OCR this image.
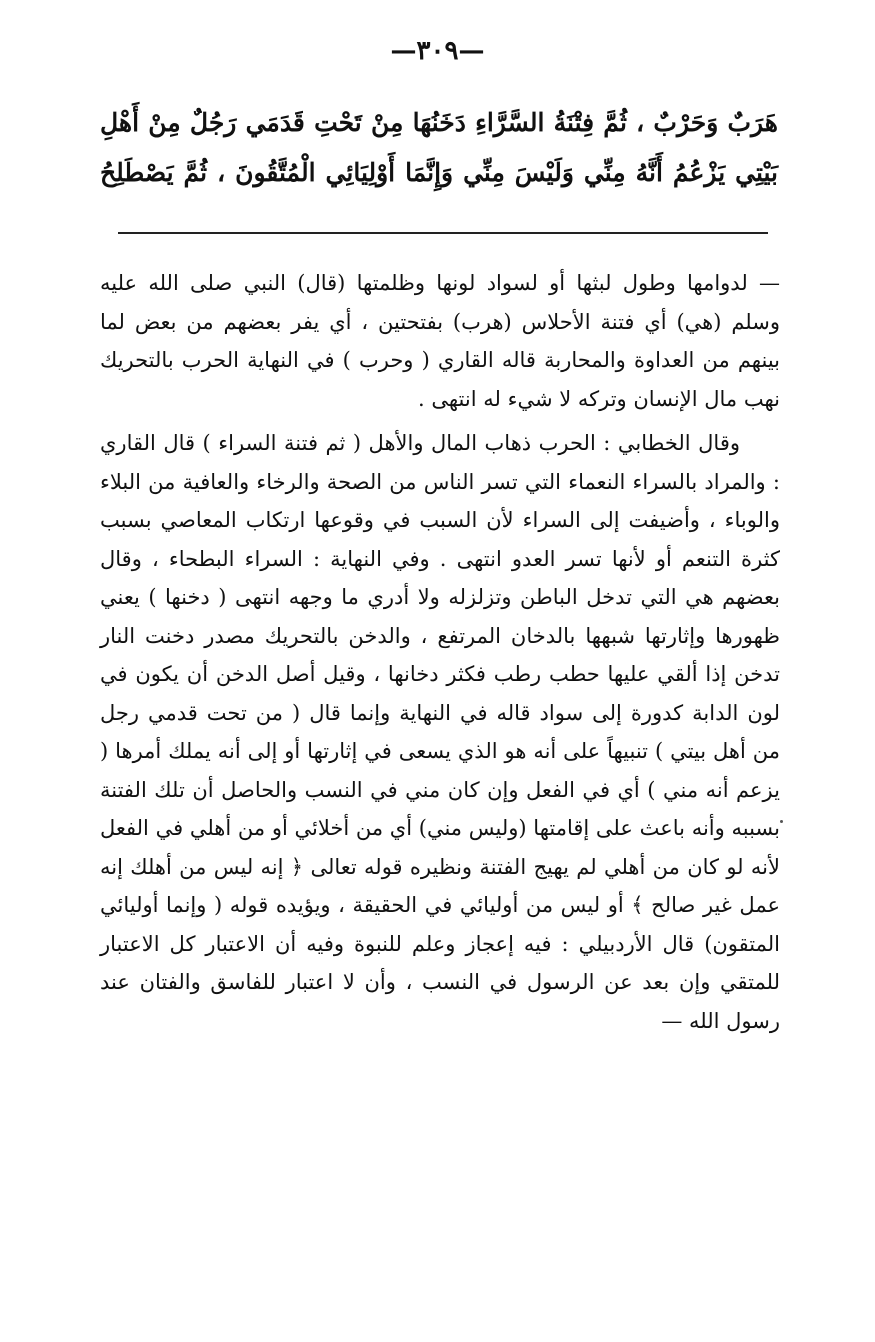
—٣٠٩—
هَرَبٌ وَحَرْبٌ ، ثُمَّ فِتْنَةُ السَّرَّاءِ دَخَنُهَا مِنْ تَحْتِ قَدَمَي رَجُلٌ مِنْ أَهْلِ بَيْتِي يَزْعُمُ أَنَّهُ مِنِّي وَلَيْسَ مِنِّي وَإِنَّمَا أَوْلِيَائِي الْمُتَّقُونَ ، ثُمَّ يَصْطَلِحُ

— لدوامها وطول لبثها أو لسواد لونها وظلمتها (قال) النبي صلى الله عليه وسلم (هي) أي فتنة الأحلاس (هرب) بفتحتين ، أي يفر بعضهم من بعض لما بينهم من العداوة والمحاربة قاله القاري ( وحرب ) في النهاية الحرب بالتحريك نهب مال الإنسان وتركه لا شيء له انتهى .

وقال الخطابي : الحرب ذهاب المال والأهل ( ثم فتنة السراء ) قال القاري : والمراد بالسراء النعماء التي تسر الناس من الصحة والرخاء والعافية من البلاء والوباء ، وأضيفت إلى السراء لأن السبب في وقوعها ارتكاب المعاصي بسبب كثرة التنعم أو لأنها تسر العدو انتهى . وفي النهاية : السراء البطحاء ، وقال بعضهم هي التي تدخل الباطن وتزلزله ولا أدري ما وجهه انتهى ( دخنها ) يعني ظهورها وإثارتها شبهها بالدخان المرتفع ، والدخن بالتحريك مصدر دخنت النار تدخن إذا ألقي عليها حطب رطب فكثر دخانها ، وقيل أصل الدخن أن يكون في لون الدابة كدورة إلى سواد قاله في النهاية وإنما قال ( من تحت قدمي رجل من أهل بيتي ) تنبيهاً على أنه هو الذي يسعى في إثارتها أو إلى أنه يملك أمرها ( يزعم أنه مني ) أي في الفعل وإن كان مني في النسب والحاصل أن تلك الفتنة بسببه وأنه باعث على إقامتها (وليس مني) أي من أخلائي أو من أهلي في الفعل لأنه لو كان من أهلي لم يهيج الفتنة ونظيره قوله تعالى ﴿ إنه ليس من أهلك إنه عمل غير صالح ﴾ أو ليس من أوليائي في الحقيقة ، ويؤيده قوله ( وإنما أوليائي المتقون) قال الأردبيلي : فيه إعجاز وعلم للنبوة وفيه أن الاعتبار كل الاعتبار للمتقي وإن بعد عن الرسول في النسب ، وأن لا اعتبار للفاسق والفتان عند رسول الله —
